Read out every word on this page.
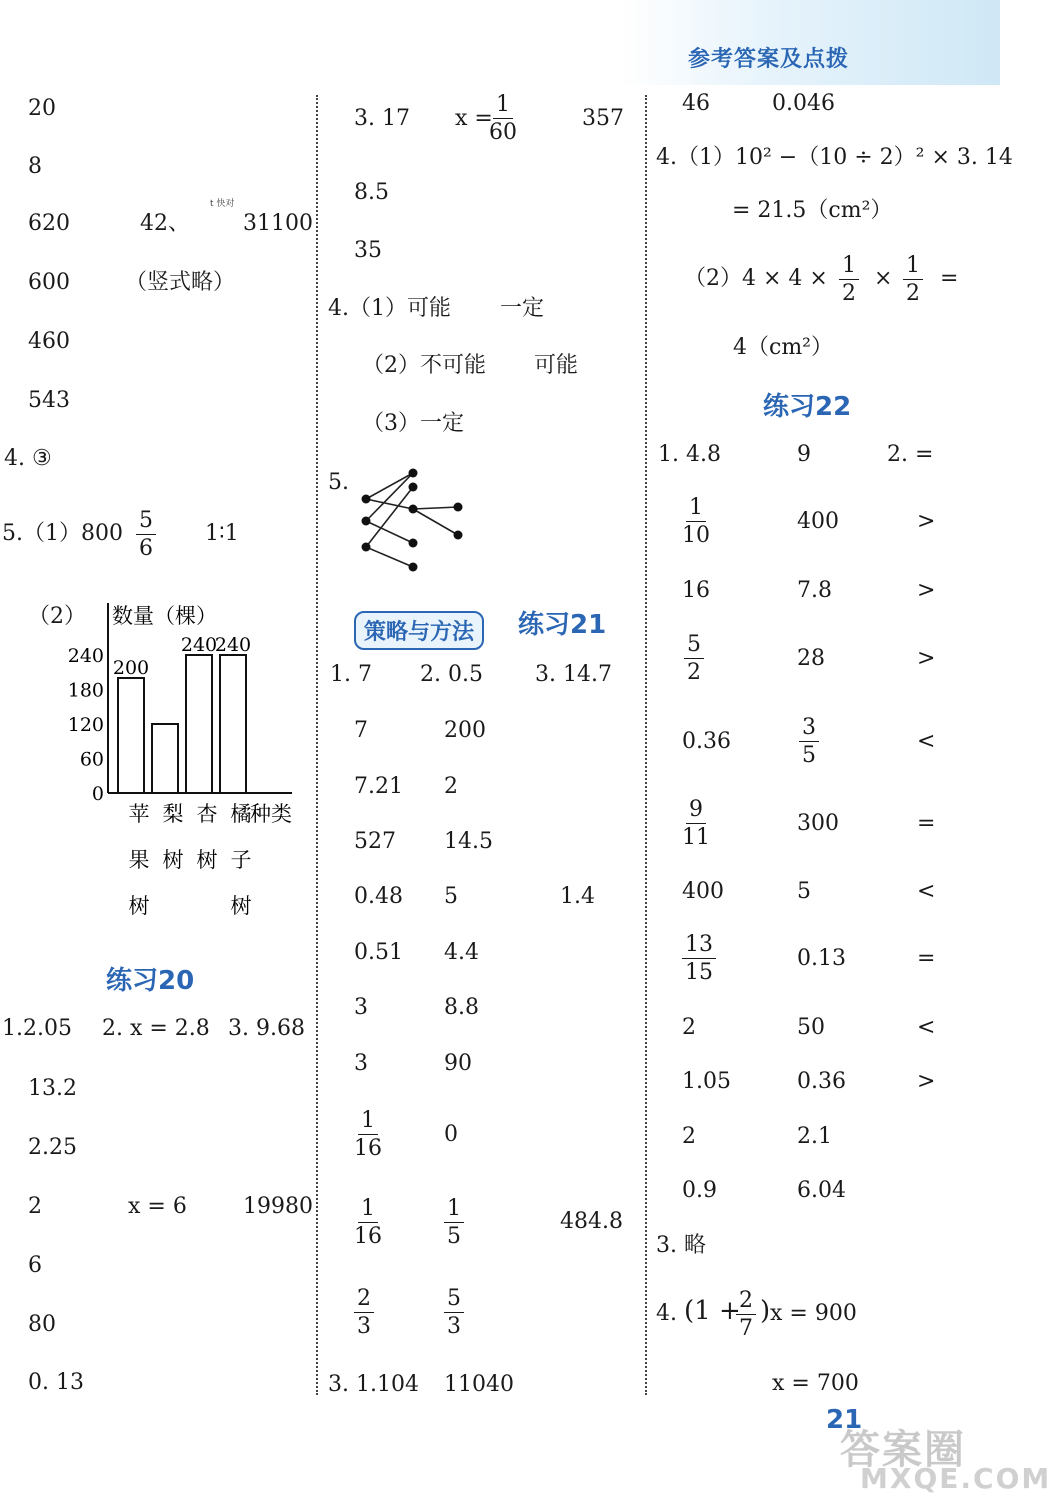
参考答案及点拨
20
8
620	42、
t 快对
31100
600	（竖式略）
460
543
4. ③
$5.(1)800 \frac{5}{6}$ 1∶1
（2） 数量（棵）
240
180
120
60
0
200
240
240
苹
果
树
梨
树
杏
树
橘
子
树
种类
练习20
1.2.05 2. x = 2.8 3. 9.68
13.2
2.25
2	x = 6	19980
6
80
0. 13
3. 17 x =
$\frac{1}{60}$	357
8.5
35
4.（1）可能 一定
（2）不可能 可能
（3）一定
5.
策略与方法	练习21
1. 7 2. 0.5 3. 14.7
7	200
7.21 2
527 14.5
0.48 5	1.4
0.51 4.4
3	8.8
3	90
$\frac{1}{16}$	0
$\frac{1}{16}$	$\frac{1}{5}$	484.8
$\frac{2}{3}$	$\frac{5}{3}$
3. 1.104 11040
46	0.046
4.（1）10² −（10 ÷ 2）² × 3. 14
= 21.5（cm²）
$(2)4 \times 4 \times \frac{1}{2} \times \frac{1}{2}$ =
4（cm²）
练习22
1. 4.8	9	2. =
$\frac{1}{10}$	400	>
16	7.8	>
$\frac{5}{2}$	28	>
0.36	$\frac{3}{5}$	<
$\frac{9}{11}$	300	=
400	5	<
$\frac{13}{15}$	0.13	=
2	50	<
1.05	0.36	>
2	2.1
0.9	6.04
3. 略
4. (1 +
$\frac{2}{7}$ ) x = 900
x = 700
21
答案圈
MXQE.COM
